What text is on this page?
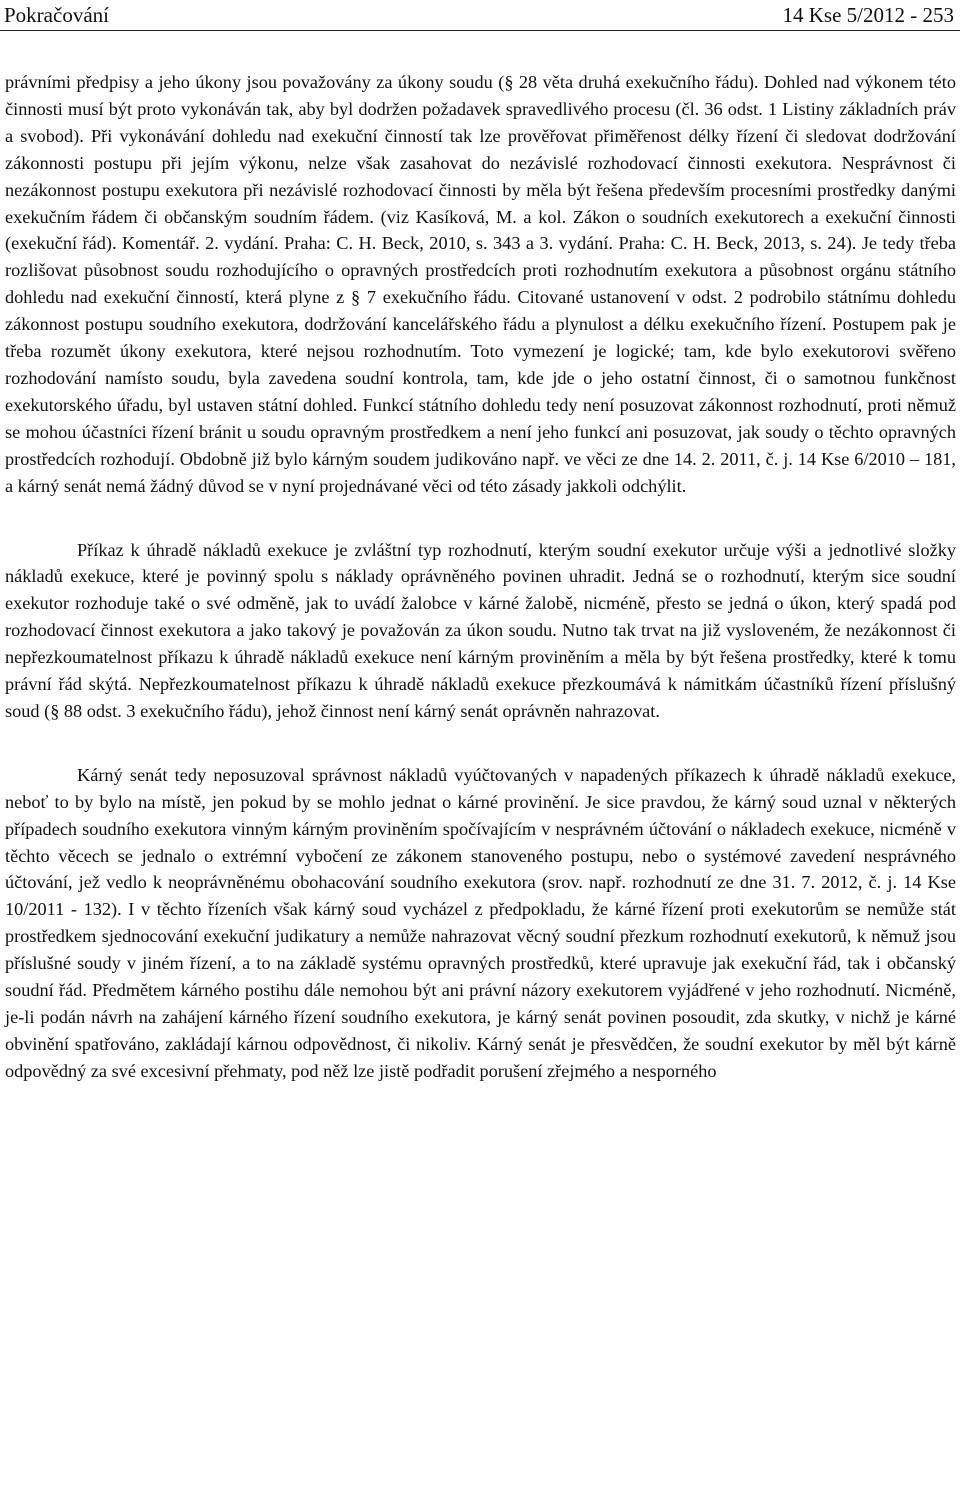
Pokračování	14 Kse 5/2012 - 253

právními předpisy a jeho úkony jsou považovány za úkony soudu (§ 28 věta druhá exekučního řádu). Dohled nad výkonem této činnosti musí být proto vykonáván tak, aby byl dodržen požadavek spravedlivého procesu (čl. 36 odst. 1 Listiny základních práv a svobod). Při vykonávání dohledu nad exekuční činností tak lze prověřovat přiměřenost délky řízení či sledovat dodržování zákonnosti postupu při jejím výkonu, nelze však zasahovat do nezávislé rozhodovací činnosti exekutora. Nesprávnost či nezákonnost postupu exekutora při nezávislé rozhodovací činnosti by měla být řešena především procesními prostředky danými exekučním řádem či občanským soudním řádem. (viz Kasíková, M. a kol. Zákon o soudních exekutorech a exekuční činnosti (exekuční řád). Komentář. 2. vydání. Praha: C. H. Beck, 2010, s. 343 a 3. vydání. Praha: C. H. Beck, 2013, s. 24). Je tedy třeba rozlišovat působnost soudu rozhodujícího o opravných prostředcích proti rozhodnutím exekutora a působnost orgánu státního dohledu nad exekuční činností, která plyne z § 7 exekučního řádu. Citované ustanovení v odst. 2 podrobilo státnímu dohledu zákonnost postupu soudního exekutora, dodržování kancelářského řádu a plynulost a délku exekučního řízení. Postupem pak je třeba rozumět úkony exekutora, které nejsou rozhodnutím. Toto vymezení je logické; tam, kde bylo exekutorovi svěřeno rozhodování namísto soudu, byla zavedena soudní kontrola, tam, kde jde o jeho ostatní činnost, či o samotnou funkčnost exekutorského úřadu, byl ustaven státní dohled. Funkcí státního dohledu tedy není posuzovat zákonnost rozhodnutí, proti němuž se mohou účastníci řízení bránit u soudu opravným prostředkem a není jeho funkcí ani posuzovat, jak soudy o těchto opravných prostředcích rozhodují. Obdobně již bylo kárným soudem judikováno např. ve věci ze dne 14. 2. 2011, č. j. 14 Kse 6/2010 – 181, a kárný senát nemá žádný důvod se v nyní projednávané věci od této zásady jakkoli odchýlit.

Příkaz k úhradě nákladů exekuce je zvláštní typ rozhodnutí, kterým soudní exekutor určuje výši a jednotlivé složky nákladů exekuce, které je povinný spolu s náklady oprávněného povinen uhradit. Jedná se o rozhodnutí, kterým sice soudní exekutor rozhoduje také o své odměně, jak to uvádí žalobce v kárné žalobě, nicméně, přesto se jedná o úkon, který spadá pod rozhodovací činnost exekutora a jako takový je považován za úkon soudu. Nutno tak trvat na již vysloveném, že nezákonnost či nepřezkoumatelnost příkazu k úhradě nákladů exekuce není kárným proviněním a měla by být řešena prostředky, které k tomu právní řád skýtá. Nepřezkoumatelnost příkazu k úhradě nákladů exekuce přezkoumává k námitkám účastníků řízení příslušný soud (§ 88 odst. 3 exekučního řádu), jehož činnost není kárný senát oprávněn nahrazovat.

Kárný senát tedy neposuzoval správnost nákladů vyúčtovaných v napadených příkazech k úhradě nákladů exekuce, neboť to by bylo na místě, jen pokud by se mohlo jednat o kárné provinění. Je sice pravdou, že kárný soud uznal v některých případech soudního exekutora vinným kárným proviněním spočívajícím v nesprávném účtování o nákladech exekuce, nicméně v těchto věcech se jednalo o extrémní vybočení ze zákonem stanoveného postupu, nebo o systémové zavedení nesprávného účtování, jež vedlo k neoprávněnému obohacování soudního exekutora (srov. např. rozhodnutí ze dne 31. 7. 2012, č. j. 14 Kse 10/2011 - 132). I v těchto řízeních však kárný soud vycházel z předpokladu, že kárné řízení proti exekutorům se nemůže stát prostředkem sjednocování exekuční judikatury a nemůže nahrazovat věcný soudní přezkum rozhodnutí exekutorů, k němuž jsou příslušné soudy v jiném řízení, a to na základě systému opravných prostředků, které upravuje jak exekuční řád, tak i občanský soudní řád. Předmětem kárného postihu dále nemohou být ani právní názory exekutorem vyjádřené v jeho rozhodnutí. Nicméně, je-li podán návrh na zahájení kárného řízení soudního exekutora, je kárný senát povinen posoudit, zda skutky, v nichž je kárné obvinění spatřováno, zakládají kárnou odpovědnost, či nikoliv. Kárný senát je přesvědčen, že soudní exekutor by měl být kárně odpovědný za své excesivní přehmaty, pod něž lze jistě podřadit porušení zřejmého a nesporného
